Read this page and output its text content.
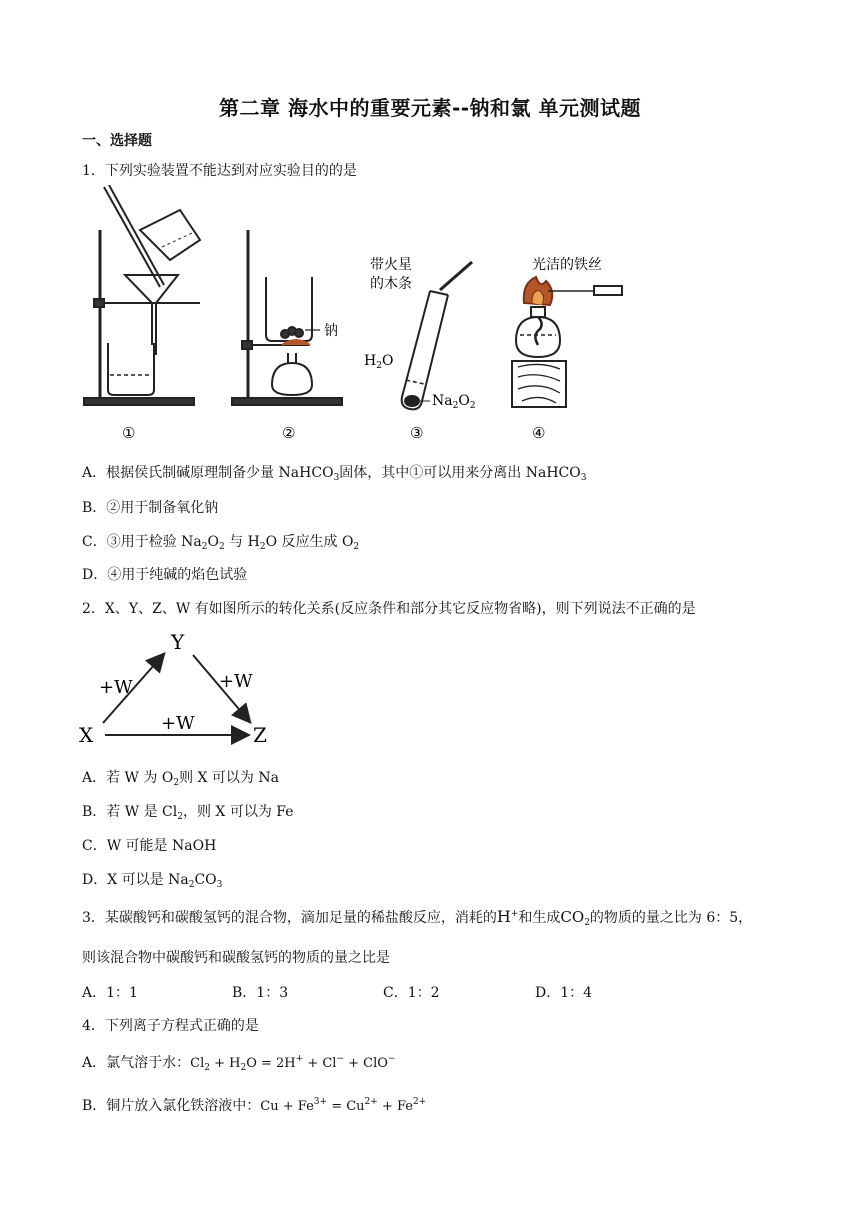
第二章 海水中的重要元素--钠和氯 单元测试题
一、选择题
1．下列实验装置不能达到对应实验目的的是
①
钠
②
带火星
的木条
$H_2O$
$Na_2O_2$
③
光洁的铁丝
④
A．根据侯氏制碱原理制备少量 NaHCO$_3$固体，其中①可以用来分离出 NaHCO$_3$
B．②用于制备氧化钠
C．③用于检验 $Na_2O_2$ 与 $H_2O$ 反应生成 $O_2$
D．④用于纯碱的焰色试验
2．X、Y、Z、W 有如图所示的转化关系(反应条件和部分其它反应物省略)，则下列说法不正确的是
Y
X	Z
+W	+W
+W
A．若 W 为 $O_2$则 X 可以为 Na
B．若 W 是 $Cl_2$，则 X 可以为 Fe
C．W 可能是 NaOH
D．X 可以是 $Na_2CO_3$
3．某碳酸钙和碳酸氢钙的混合物，滴加足量的稀盐酸反应，消耗的H+和生成$CO_2$的物质的量之比为 6：5，
则该混合物中碳酸钙和碳酸氢钙的物质的量之比是
A．1：1	B．1：3	C．1：2	D．1：4
4．下列离子方程式正确的是
A．氯气溶于水：$Cl_2 + H_2O = 2H^+ + Cl^- + ClO^-$
B．铜片放入氯化铁溶液中：$Cu + Fe^{3+} = Cu^{2+} + Fe^{2+}$
